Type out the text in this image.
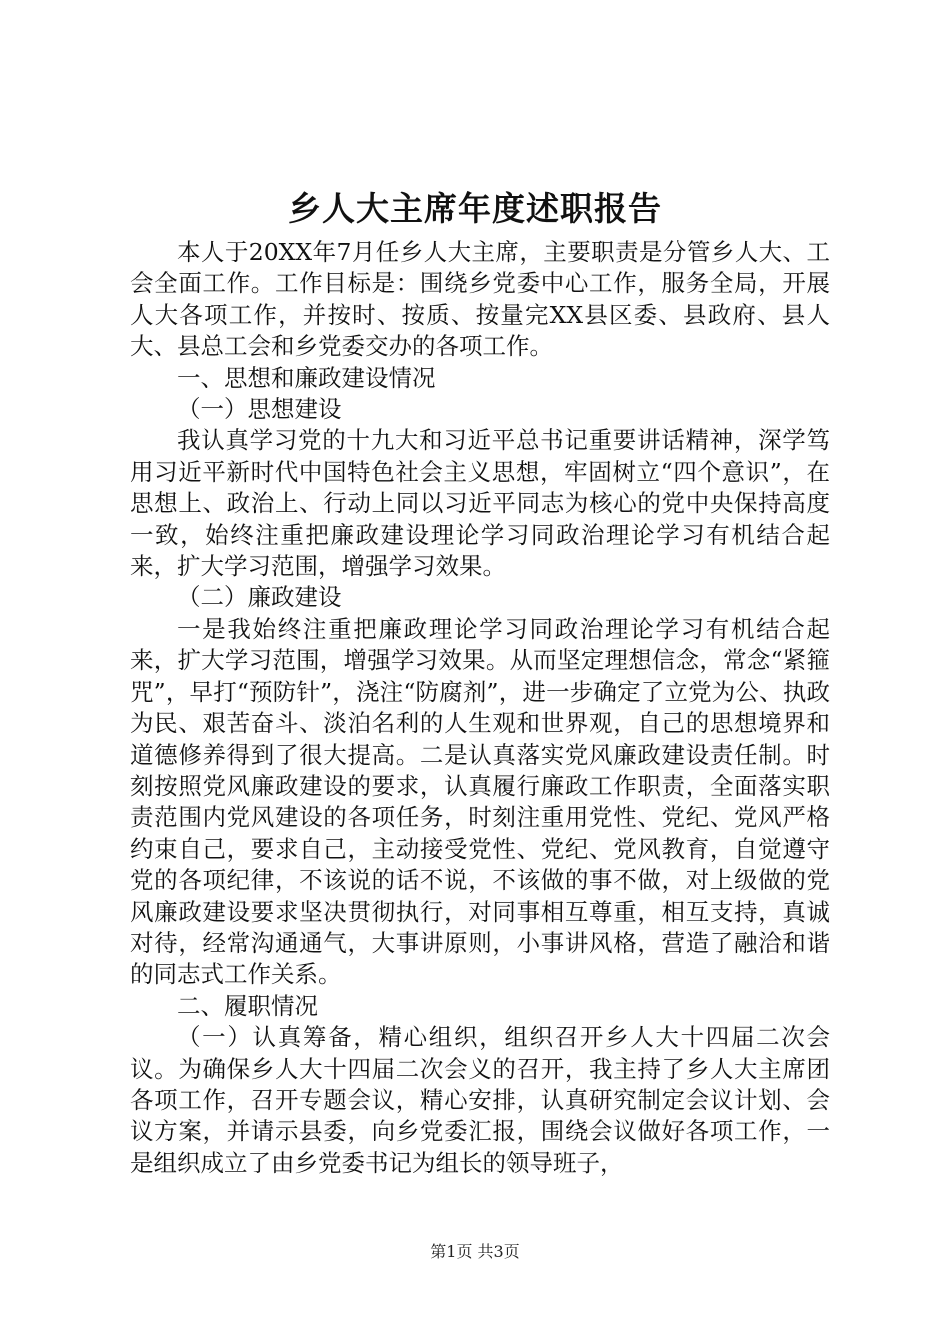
乡人大主席年度述职报告

本人于20XX年7月任乡人大主席，主要职责是分管乡人大、工会全面工作。工作目标是：围绕乡党委中心工作，服务全局，开展人大各项工作，并按时、按质、按量完XX县区委、县政府、县人大、县总工会和乡党委交办的各项工作。

一、思想和廉政建设情况

（一）思想建设

我认真学习党的十九大和习近平总书记重要讲话精神，深学笃用习近平新时代中国特色社会主义思想，牢固树立“四个意识”，在思想上、政治上、行动上同以习近平同志为核心的党中央保持高度一致，始终注重把廉政建设理论学习同政治理论学习有机结合起来，扩大学习范围，增强学习效果。

（二）廉政建设

一是我始终注重把廉政理论学习同政治理论学习有机结合起来，扩大学习范围，增强学习效果。从而坚定理想信念，常念“紧箍咒”，早打“预防针”，浇注“防腐剂”，进一步确定了立党为公、执政为民、艰苦奋斗、淡泊名利的人生观和世界观，自己的思想境界和道德修养得到了很大提高。二是认真落实党风廉政建设责任制。时刻按照党风廉政建设的要求，认真履行廉政工作职责，全面落实职责范围内党风建设的各项任务，时刻注重用党性、党纪、党风严格约束自己，要求自己，主动接受党性、党纪、党风教育，自觉遵守党的各项纪律，不该说的话不说，不该做的事不做，对上级做的党风廉政建设要求坚决贯彻执行，对同事相互尊重，相互支持，真诚对待，经常沟通通气，大事讲原则，小事讲风格，营造了融洽和谐的同志式工作关系。

二、履职情况

（一）认真筹备，精心组织，组织召开乡人大十四届二次会议。为确保乡人大十四届二次会义的召开，我主持了乡人大主席团各项工作，召开专题会议，精心安排，认真研究制定会议计划、会议方案，并请示县委，向乡党委汇报，围绕会议做好各项工作，一是组织成立了由乡党委书记为组长的领导班子，

第1页 共3页
